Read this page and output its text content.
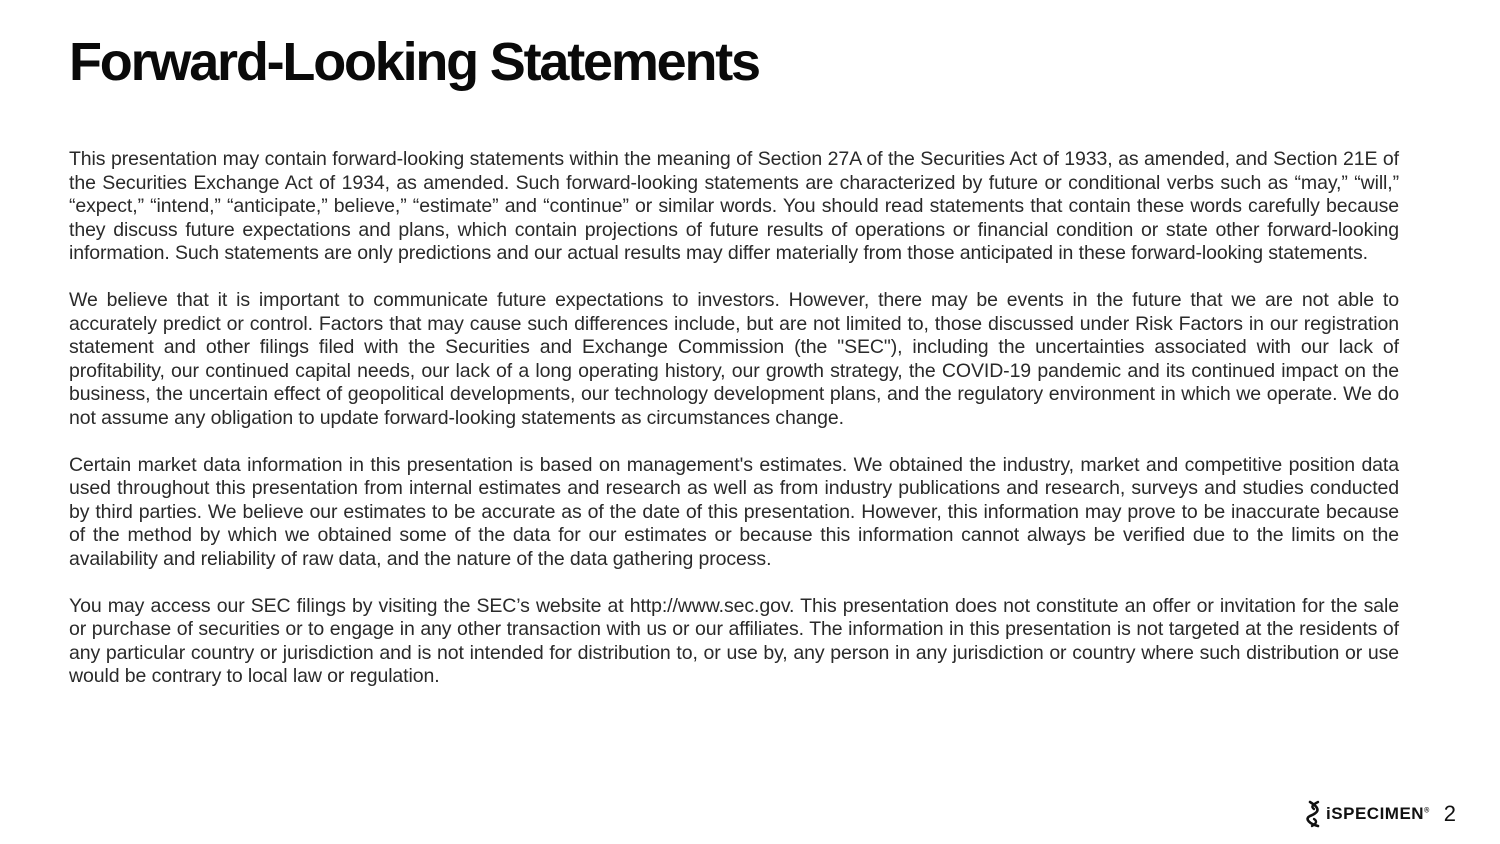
Forward-Looking Statements

This presentation may contain forward-looking statements within the meaning of Section 27A of the Securities Act of 1933, as amended, and Section 21E of the Securities Exchange Act of 1934, as amended. Such forward-looking statements are characterized by future or conditional verbs such as “may,” “will,” “expect,” “intend,” “anticipate,” believe,” “estimate” and “continue” or similar words. You should read statements that contain these words carefully because they discuss future expectations and plans, which contain projections of future results of operations or financial condition or state other forward-looking information. Such statements are only predictions and our actual results may differ materially from those anticipated in these forward-looking statements.

We believe that it is important to communicate future expectations to investors. However, there may be events in the future that we are not able to accurately predict or control. Factors that may cause such differences include, but are not limited to, those discussed under Risk Factors in our registration statement and other filings filed with the Securities and Exchange Commission (the "SEC"), including the uncertainties associated with our lack of profitability, our continued capital needs, our lack of a long operating history, our growth strategy, the COVID-19 pandemic and its continued impact on the business, the uncertain effect of geopolitical developments, our technology development plans, and the regulatory environment in which we operate. We do not assume any obligation to update forward-looking statements as circumstances change.

Certain market data information in this presentation is based on management's estimates. We obtained the industry, market and competitive position data used throughout this presentation from internal estimates and research as well as from industry publications and research, surveys and studies conducted by third parties. We believe our estimates to be accurate as of the date of this presentation. However, this information may prove to be inaccurate because of the method by which we obtained some of the data for our estimates or because this information cannot always be verified due to the limits on the availability and reliability of raw data, and the nature of the data gathering process.

You may access our SEC filings by visiting the SEC’s website at http://www.sec.gov. This presentation does not constitute an offer or invitation for the sale or purchase of securities or to engage in any other transaction with us or our affiliates. The information in this presentation is not targeted at the residents of any particular country or jurisdiction and is not intended for distribution to, or use by, any person in any jurisdiction or country where such distribution or use would be contrary to local law or regulation.

iSPECIMEN® 2
